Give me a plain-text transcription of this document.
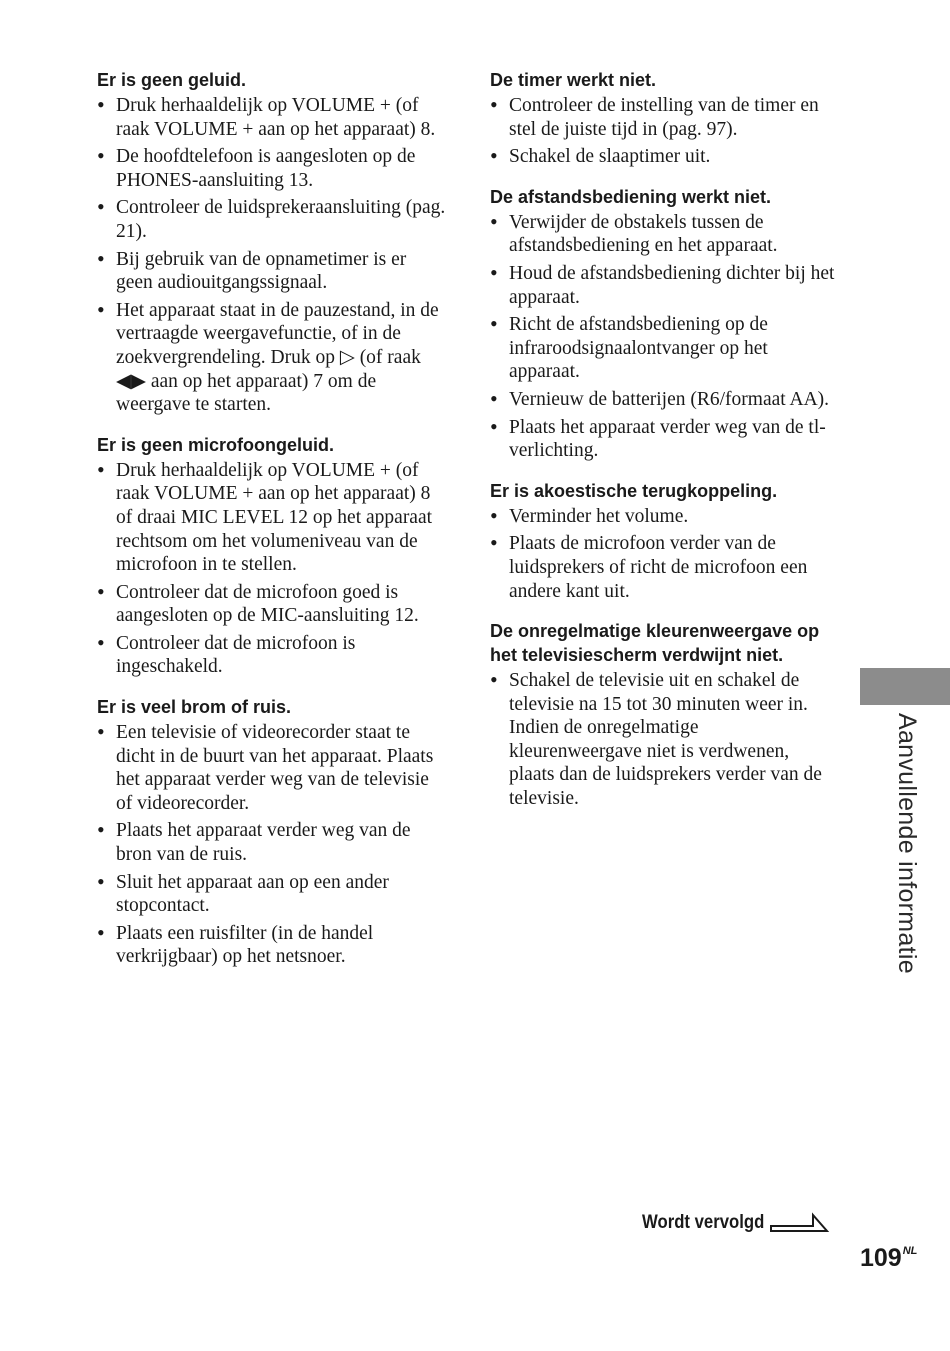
Er is geen geluid.
• Druk herhaaldelijk op VOLUME + (of raak VOLUME + aan op het apparaat) 8.
• De hoofdtelefoon is aangesloten op de PHONES-aansluiting 13.
• Controleer de luidsprekeraansluiting (pag. 21).
• Bij gebruik van de opnametimer is er geen audiouitgangssignaal.
• Het apparaat staat in de pauzestand, in de vertraagde weergavefunctie, of in de zoekvergrendeling. Druk op ▷ (of raak ◀▶ aan op het apparaat) 7 om de weergave te starten.
Er is geen microfoongeluid.
• Druk herhaaldelijk op VOLUME + (of raak VOLUME + aan op het apparaat) 8 of draai MIC LEVEL 12 op het apparaat rechtsom om het volumeniveau van de microfoon in te stellen.
• Controleer dat de microfoon goed is aangesloten op de MIC-aansluiting 12.
• Controleer dat de microfoon is ingeschakeld.
Er is veel brom of ruis.
• Een televisie of videorecorder staat te dicht in de buurt van het apparaat. Plaats het apparaat verder weg van de televisie of videorecorder.
• Plaats het apparaat verder weg van de bron van de ruis.
• Sluit het apparaat aan op een ander stopcontact.
• Plaats een ruisfilter (in de handel verkrijgbaar) op het netsnoer.
De timer werkt niet.
• Controleer de instelling van de timer en stel de juiste tijd in (pag. 97).
• Schakel de slaaptimer uit.
De afstandsbediening werkt niet.
• Verwijder de obstakels tussen de afstandsbediening en het apparaat.
• Houd de afstandsbediening dichter bij het apparaat.
• Richt de afstandsbediening op de infraroodsignaalontvanger op het apparaat.
• Vernieuw de batterijen (R6/formaat AA).
• Plaats het apparaat verder weg van de tl-verlichting.
Er is akoestische terugkoppeling.
• Verminder het volume.
• Plaats de microfoon verder van de luidsprekers of richt de microfoon een andere kant uit.
De onregelmatige kleurenweergave op het televisiescherm verdwijnt niet.
• Schakel de televisie uit en schakel de televisie na 15 tot 30 minuten weer in. Indien de onregelmatige kleurenweergave niet is verdwenen, plaats dan de luidsprekers verder van de televisie.	Aanvullende informatie
Wordt vervolgd
$109^{NL}$
